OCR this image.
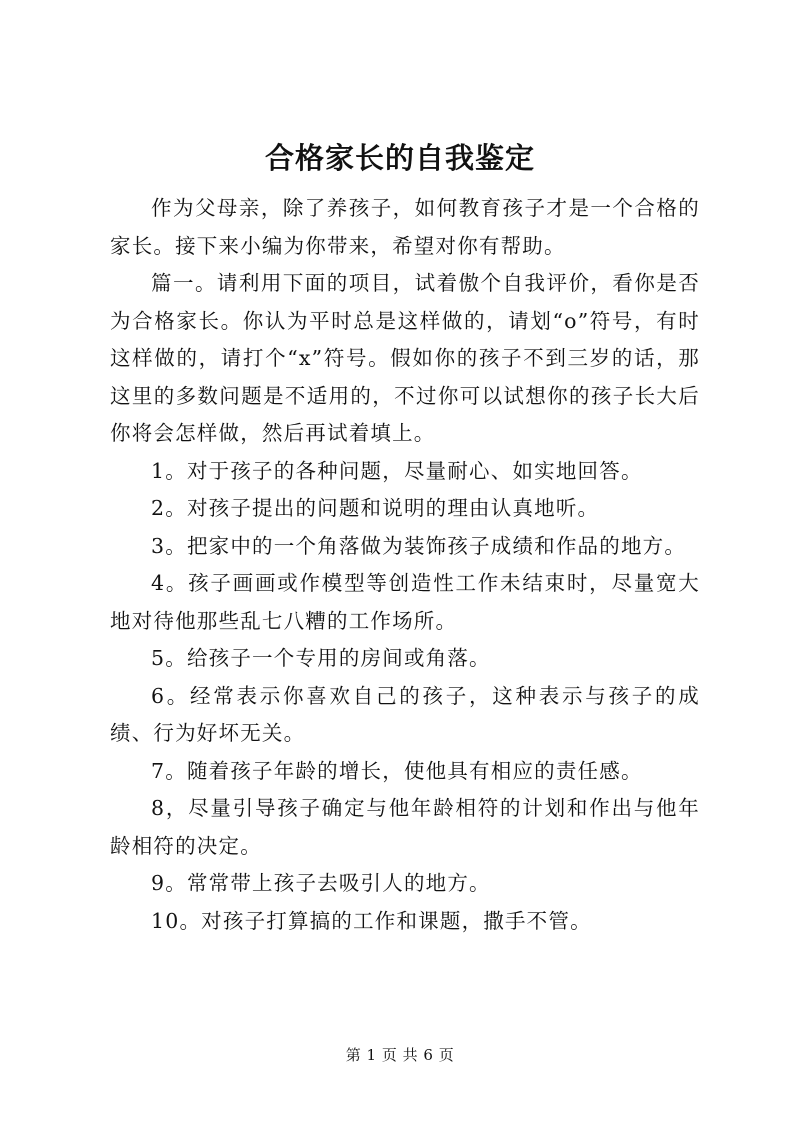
合格家长的自我鉴定

作为父母亲，除了养孩子，如何教育孩子才是一个合格的家长。接下来小编为你带来，希望对你有帮助。

篇一。请利用下面的项目，试着傲个自我评价，看你是否为合格家长。你认为平时总是这样做的，请划“o”符号，有时这样做的，请打个“x”符号。假如你的孩子不到三岁的话，那这里的多数问题是不适用的，不过你可以试想你的孩子长大后你将会怎样做，然后再试着填上。

1。对于孩子的各种问题，尽量耐心、如实地回答。

2。对孩子提出的问题和说明的理由认真地听。

3。把家中的一个角落做为装饰孩子成绩和作品的地方。

4。孩子画画或作模型等创造性工作未结束时，尽量宽大地对待他那些乱七八糟的工作场所。

5。给孩子一个专用的房间或角落。

6。经常表示你喜欢自己的孩子，这种表示与孩子的成绩、行为好坏无关。

7。随着孩子年龄的增长，使他具有相应的责任感。

8，尽量引导孩子确定与他年龄相符的计划和作出与他年龄相符的决定。

9。常常带上孩子去吸引人的地方。

10。对孩子打算搞的工作和课题，撒手不管。

第 1 页 共 6 页
